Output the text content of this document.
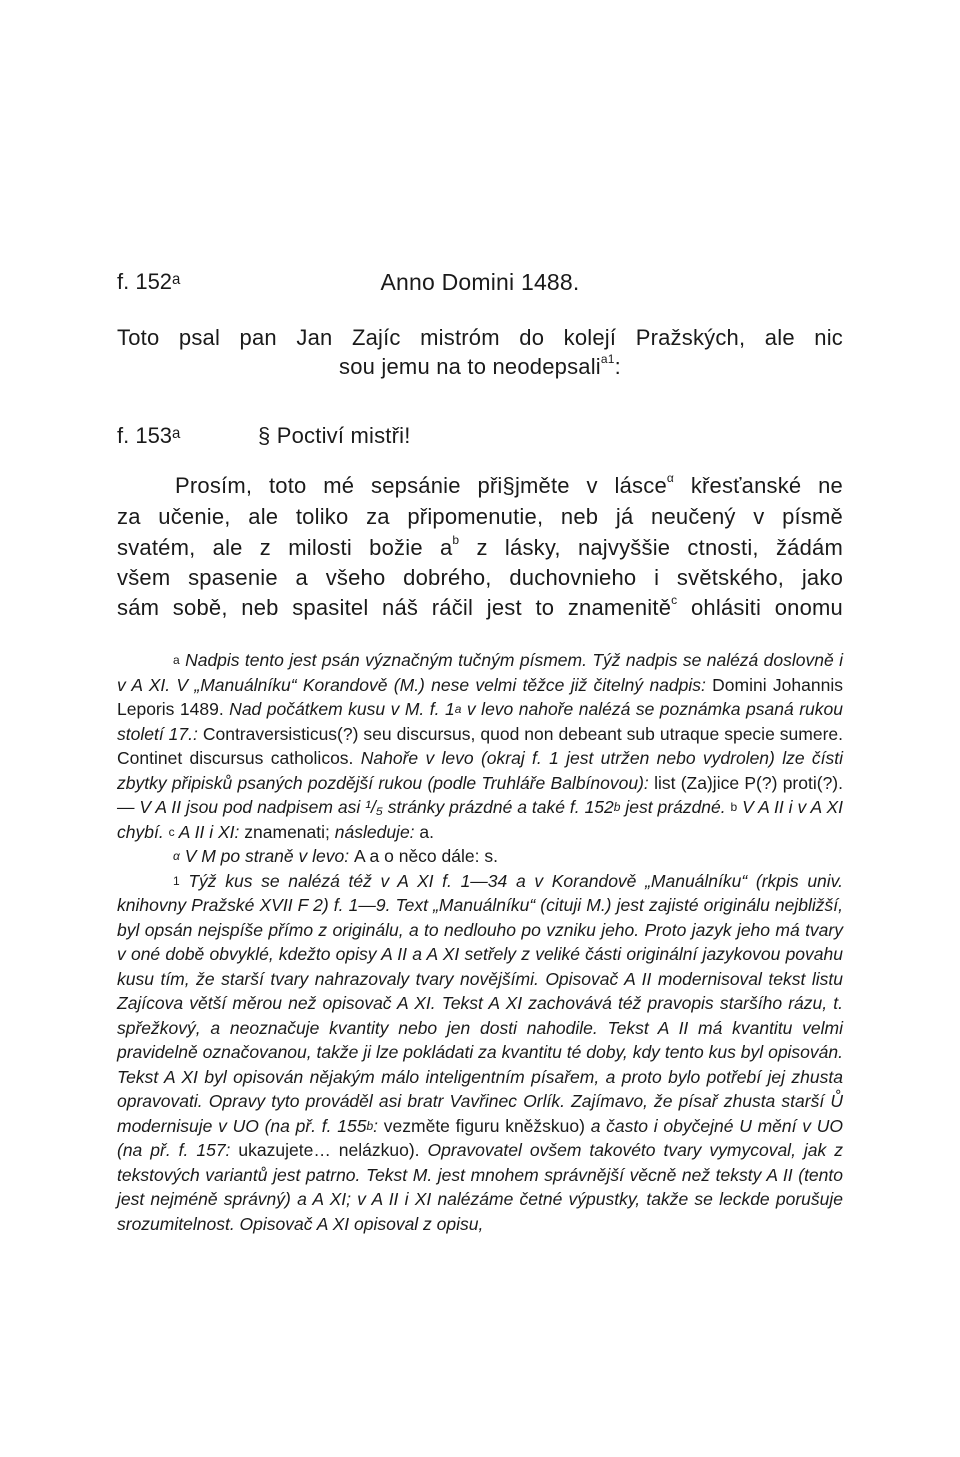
f. 152ᵃ	Anno Domini 1488.
Toto psal pan Jan Zajíc mistróm do kolejí Pražských, ale nic
sou jemu na to neodepsali$^{a1}$:
f. 153ᵃ	§ Poctiví mistři!
Prosím, toto mé sepsánie při§jměte v lásce$^\alpha$ křesťanské ne
za učenie, ale toliko za připomenutie, neb já neučený v písmě
svatém, ale z milosti božie $a^b$ z lásky, najvyššie ctnosti, žádám
všem spasenie a všeho dobrého, duchovnieho i světského, jako
sám sobě, neb spasitel náš ráčil jest to znamenitě$^c$ ohlásiti onomu

$^a$ Nadpis tento jest psán význačným tučným písmem. Týž nadpis se nalézá doslovně i v A XI. V „Manuálníku“ Korandově (M.) nese velmi těžce již čitelný nadpis: Domini Johannis Leporis 1489. Nad počátkem kusu v M. f. 1$^a$ v levo nahoře nalézá se poznámka psaná rukou století 17.: Contraversisticus(?) seu discursus, quod non debeant sub utraque specie sumere. Continet discursus catholicos. Nahoře v levo (okraj f. 1 jest utržen nebo vydrolen) lze čísti zbytky připisků psaných pozdější rukou (podle Truhláře Balbínovou): list (Za)jice P(?) proti(?). — V A II jsou pod nadpisem asi ¹/₅ stránky prázdné a také f. 152$^b$ jest prázdné. $^b$ V A II i v A XI chybí. $^c$ A II i XI: znamenati; následuje: a.

$^\alpha$ V M po straně v levo: A a o něco dále: s.

$^1$ Týž kus se nalézá též v A XI f. 1—34 a v Korandově „Manuálníku“ (rkpis univ. knihovny Pražské XVII F 2) f. 1—9. Text „Manuálníku“ (cituji M.) jest zajisté originálu nejbližší, byl opsán nejspíše přímo z originálu, a to nedlouho po vzniku jeho. Proto jazyk jeho má tvary v oné době obvyklé, kdežto opisy A II a A XI setřely z veliké části originální jazykovou povahu kusu tím, že starší tvary nahrazovaly tvary novějšími. Opisovač A II modernisoval tekst listu Zajícova větší měrou než opisovač A XI. Tekst A XI zachovává též pravopis staršího rázu, t. spřežkový, a neoznačuje kvantity nebo jen dosti nahodile. Tekst A II má kvantitu velmi pravidelně označovanou, takže ji lze pokládati za kvantitu té doby, kdy tento kus byl opisován. Tekst A XI byl opisován nějakým málo inteligentním písařem, a proto bylo potřebí jej zhusta opravovati. Opravy tyto prováděl asi bratr Vavřinec Orlík. Zajímavo, že písař zhusta starší Ů modernisuje v UO (na př. f. 155$^b$: vezměte figuru kněžskuo) a často i obyčejné U mění v UO (na př. f. 157: ukazujete… nelázkuo). Opravovatel ovšem takovéto tvary vymycoval, jak z tekstových variantů jest patrno. Tekst M. jest mnohem správnější věcně než teksty A II (tento jest nejméně správný) a A XI; v A II i XI nalézáme četné výpustky, takže se leckde porušuje srozumitelnost. Opisovač A XI opisoval z opisu,
